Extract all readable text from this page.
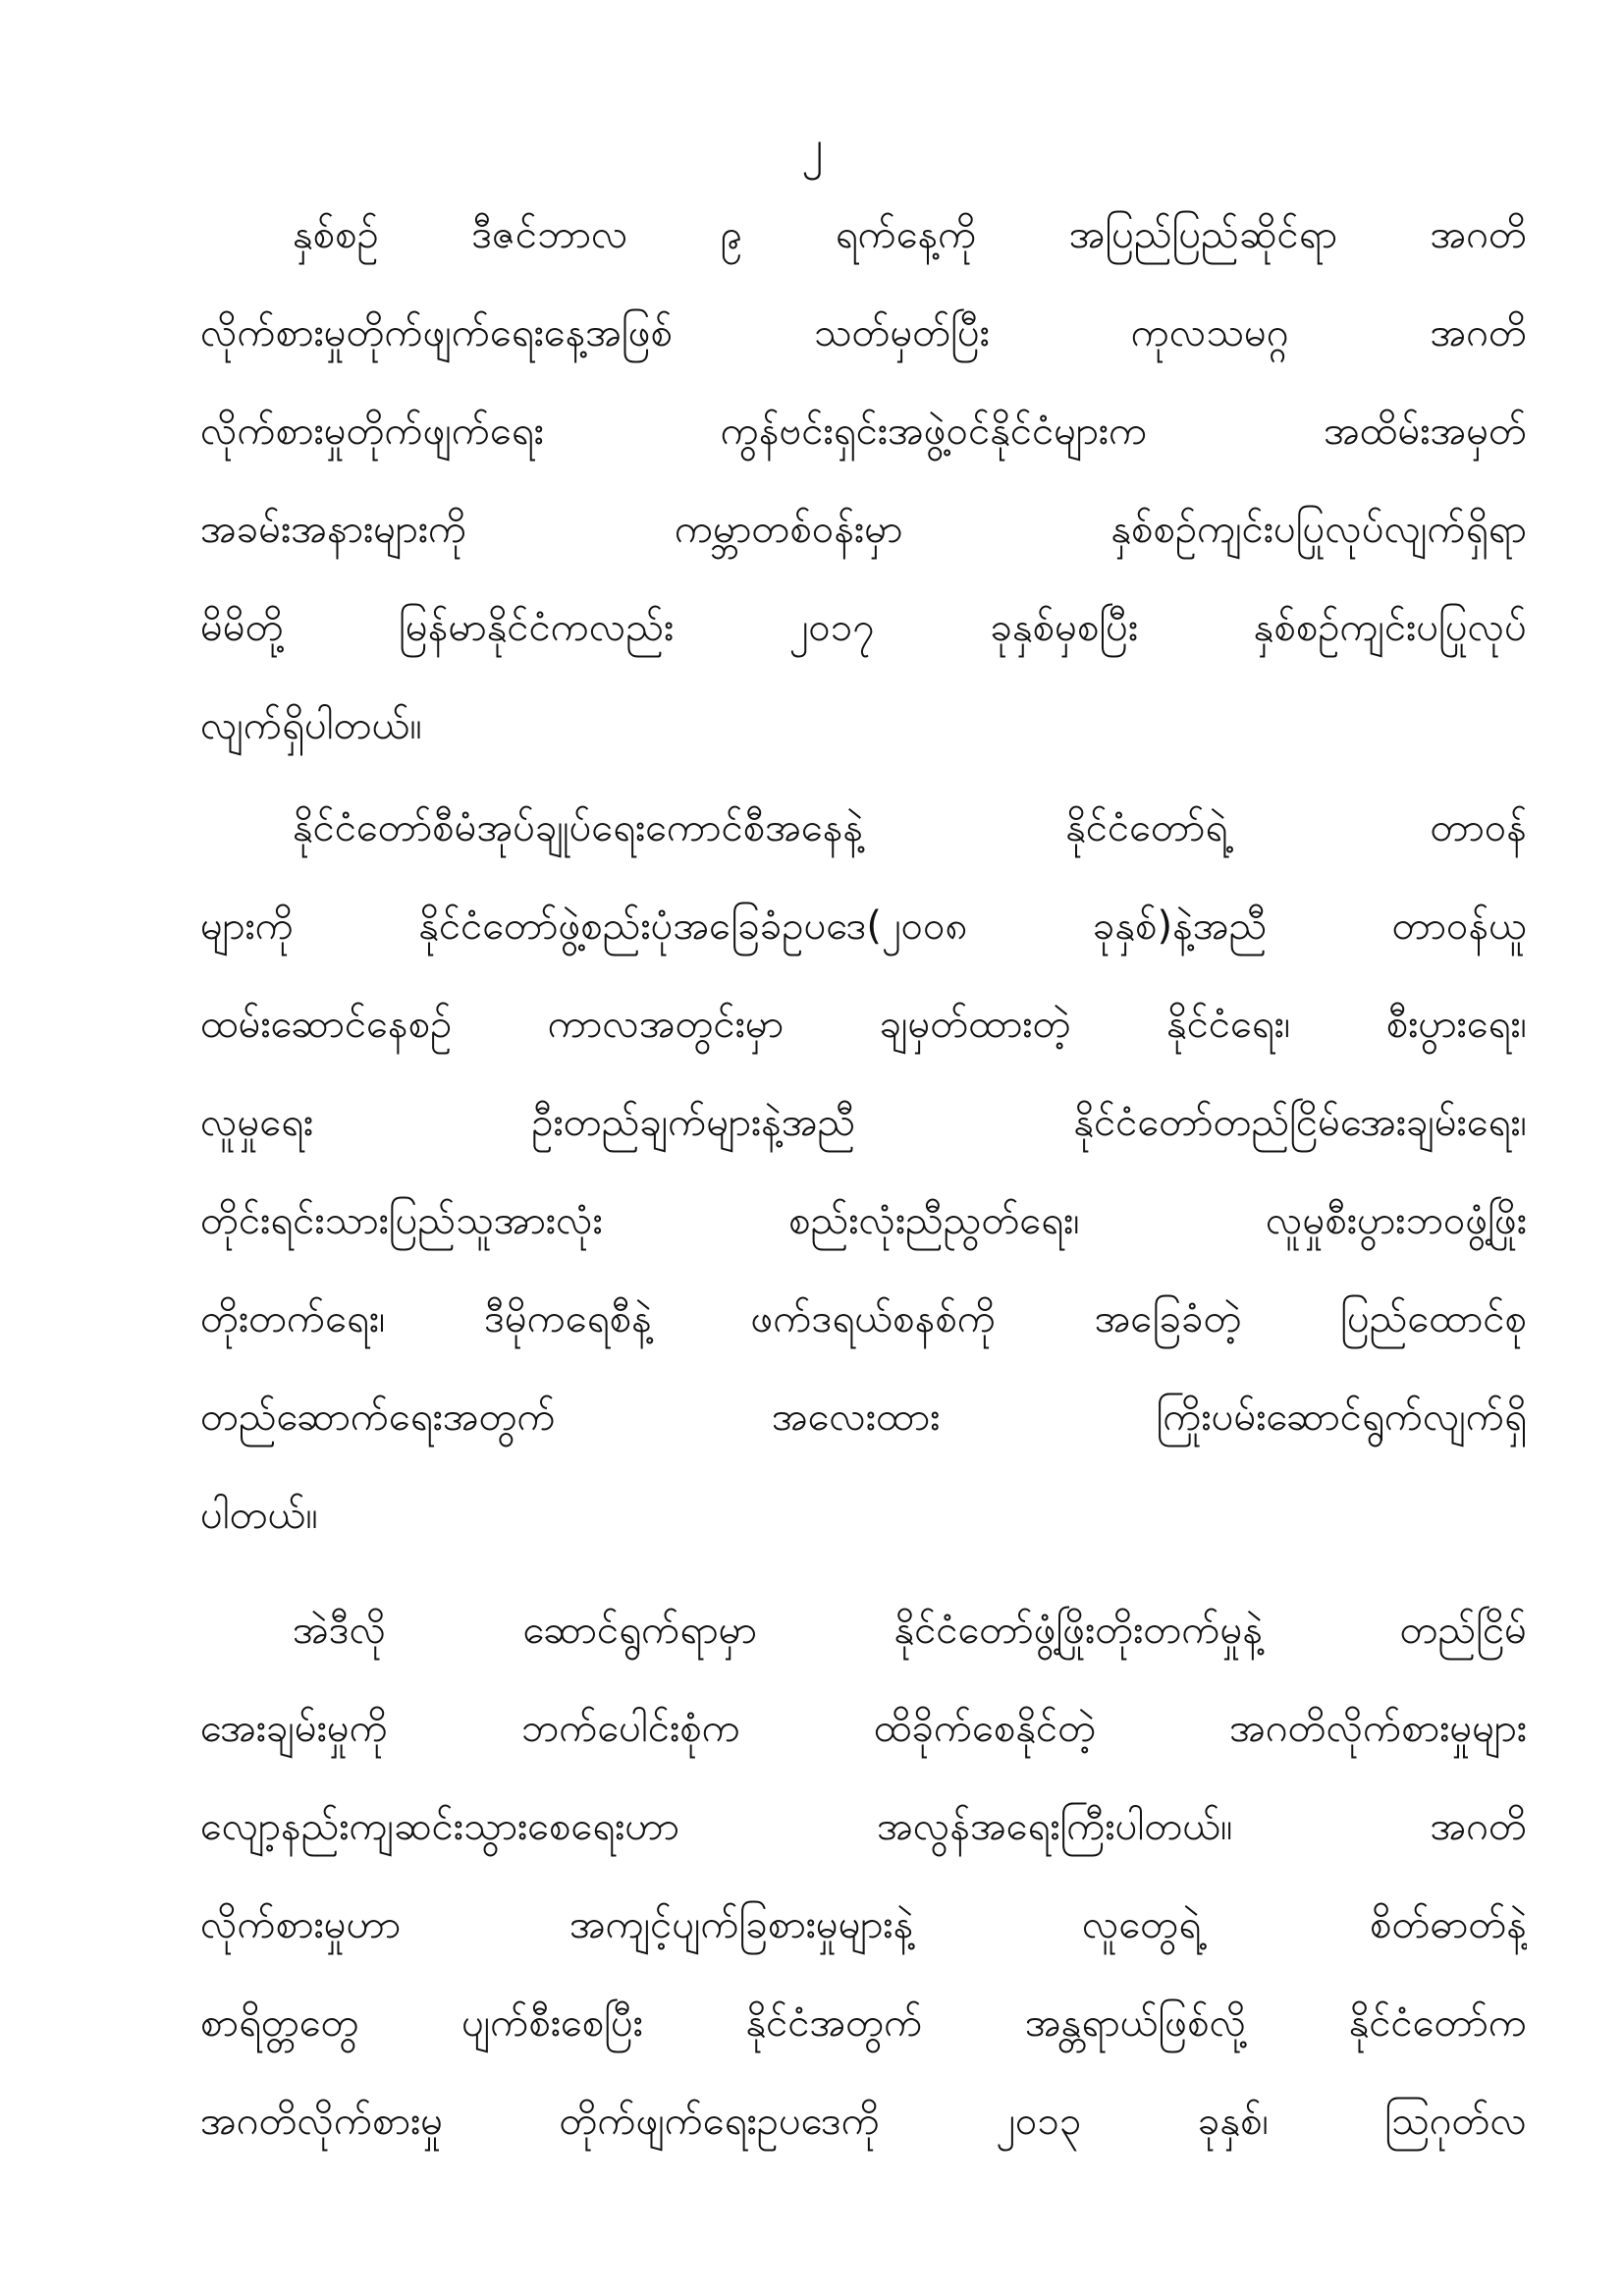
၂
နှစ်စဉ် ဒီဇင်ဘာလ ၉ ရက်နေ့ကို အပြည်ပြည်ဆိုင်ရာ အဂတိ
လိုက်စားမှုတိုက်ဖျက်ရေးနေ့အဖြစ် သတ်မှတ်ပြီး ကုလသမဂ္ဂ အဂတိ
လိုက်စားမှုတိုက်ဖျက်ရေး ကွန်ဗင်းရှင်းအဖွဲ့ဝင်နိုင်ငံများက အထိမ်းအမှတ်
အခမ်းအနားများကို ကမ္ဘာတစ်ဝန်းမှာ နှစ်စဉ်ကျင်းပပြုလုပ်လျက်ရှိရာ
မိမိတို့ မြန်မာနိုင်ငံကလည်း ၂၀၁၇ ခုနှစ်မှစပြီး နှစ်စဉ်ကျင်းပပြုလုပ်
လျက်ရှိပါတယ်။
နိုင်ငံတော်စီမံအုပ်ချုပ်ရေးကောင်စီအနေနဲ့ နိုင်ငံတော်ရဲ့ တာဝန်
များကို နိုင်ငံတော်ဖွဲ့စည်းပုံအခြေခံဥပဒေ(၂၀၀၈ ခုနှစ်)နဲ့အညီ တာဝန်ယူ
ထမ်းဆောင်နေစဉ် ကာလအတွင်းမှာ ချမှတ်ထားတဲ့ နိုင်ငံရေး၊ စီးပွားရေး၊
လူမှုရေး ဦးတည်ချက်များနဲ့အညီ နိုင်ငံတော်တည်ငြိမ်အေးချမ်းရေး၊
တိုင်းရင်းသားပြည်သူအားလုံး စည်းလုံးညီညွတ်ရေး၊ လူမှုစီးပွားဘဝဖွံ့ဖြိုး
တိုးတက်ရေး၊ ဒီမိုကရေစီနဲ့ ဖက်ဒရယ်စနစ်ကို အခြေခံတဲ့ ပြည်ထောင်စု
တည်ဆောက်ရေးအတွက် အလေးထား ကြိုးပမ်းဆောင်ရွက်လျက်ရှိ
ပါတယ်။
အဲဒီလို ဆောင်ရွက်ရာမှာ နိုင်ငံတော်ဖွံ့ဖြိုးတိုးတက်မှုနဲ့ တည်ငြိမ်
အေးချမ်းမှုကို ဘက်ပေါင်းစုံက ထိခိုက်စေနိုင်တဲ့ အဂတိလိုက်စားမှုများ
လျော့နည်းကျဆင်းသွားစေရေးဟာ အလွန်အရေးကြီးပါတယ်။ အဂတိ
လိုက်စားမှုဟာ အကျင့်ပျက်ခြစားမှုများနဲ့ လူတွေရဲ့ စိတ်ဓာတ်နဲ့
စာရိတ္တတွေ ပျက်စီးစေပြီး နိုင်ငံအတွက် အန္တရာယ်ဖြစ်လို့ နိုင်ငံတော်က
အဂတိလိုက်စားမှု တိုက်ဖျက်ရေးဥပဒေကို ၂၀၁၃ ခုနှစ်၊ ဩဂုတ်လ
